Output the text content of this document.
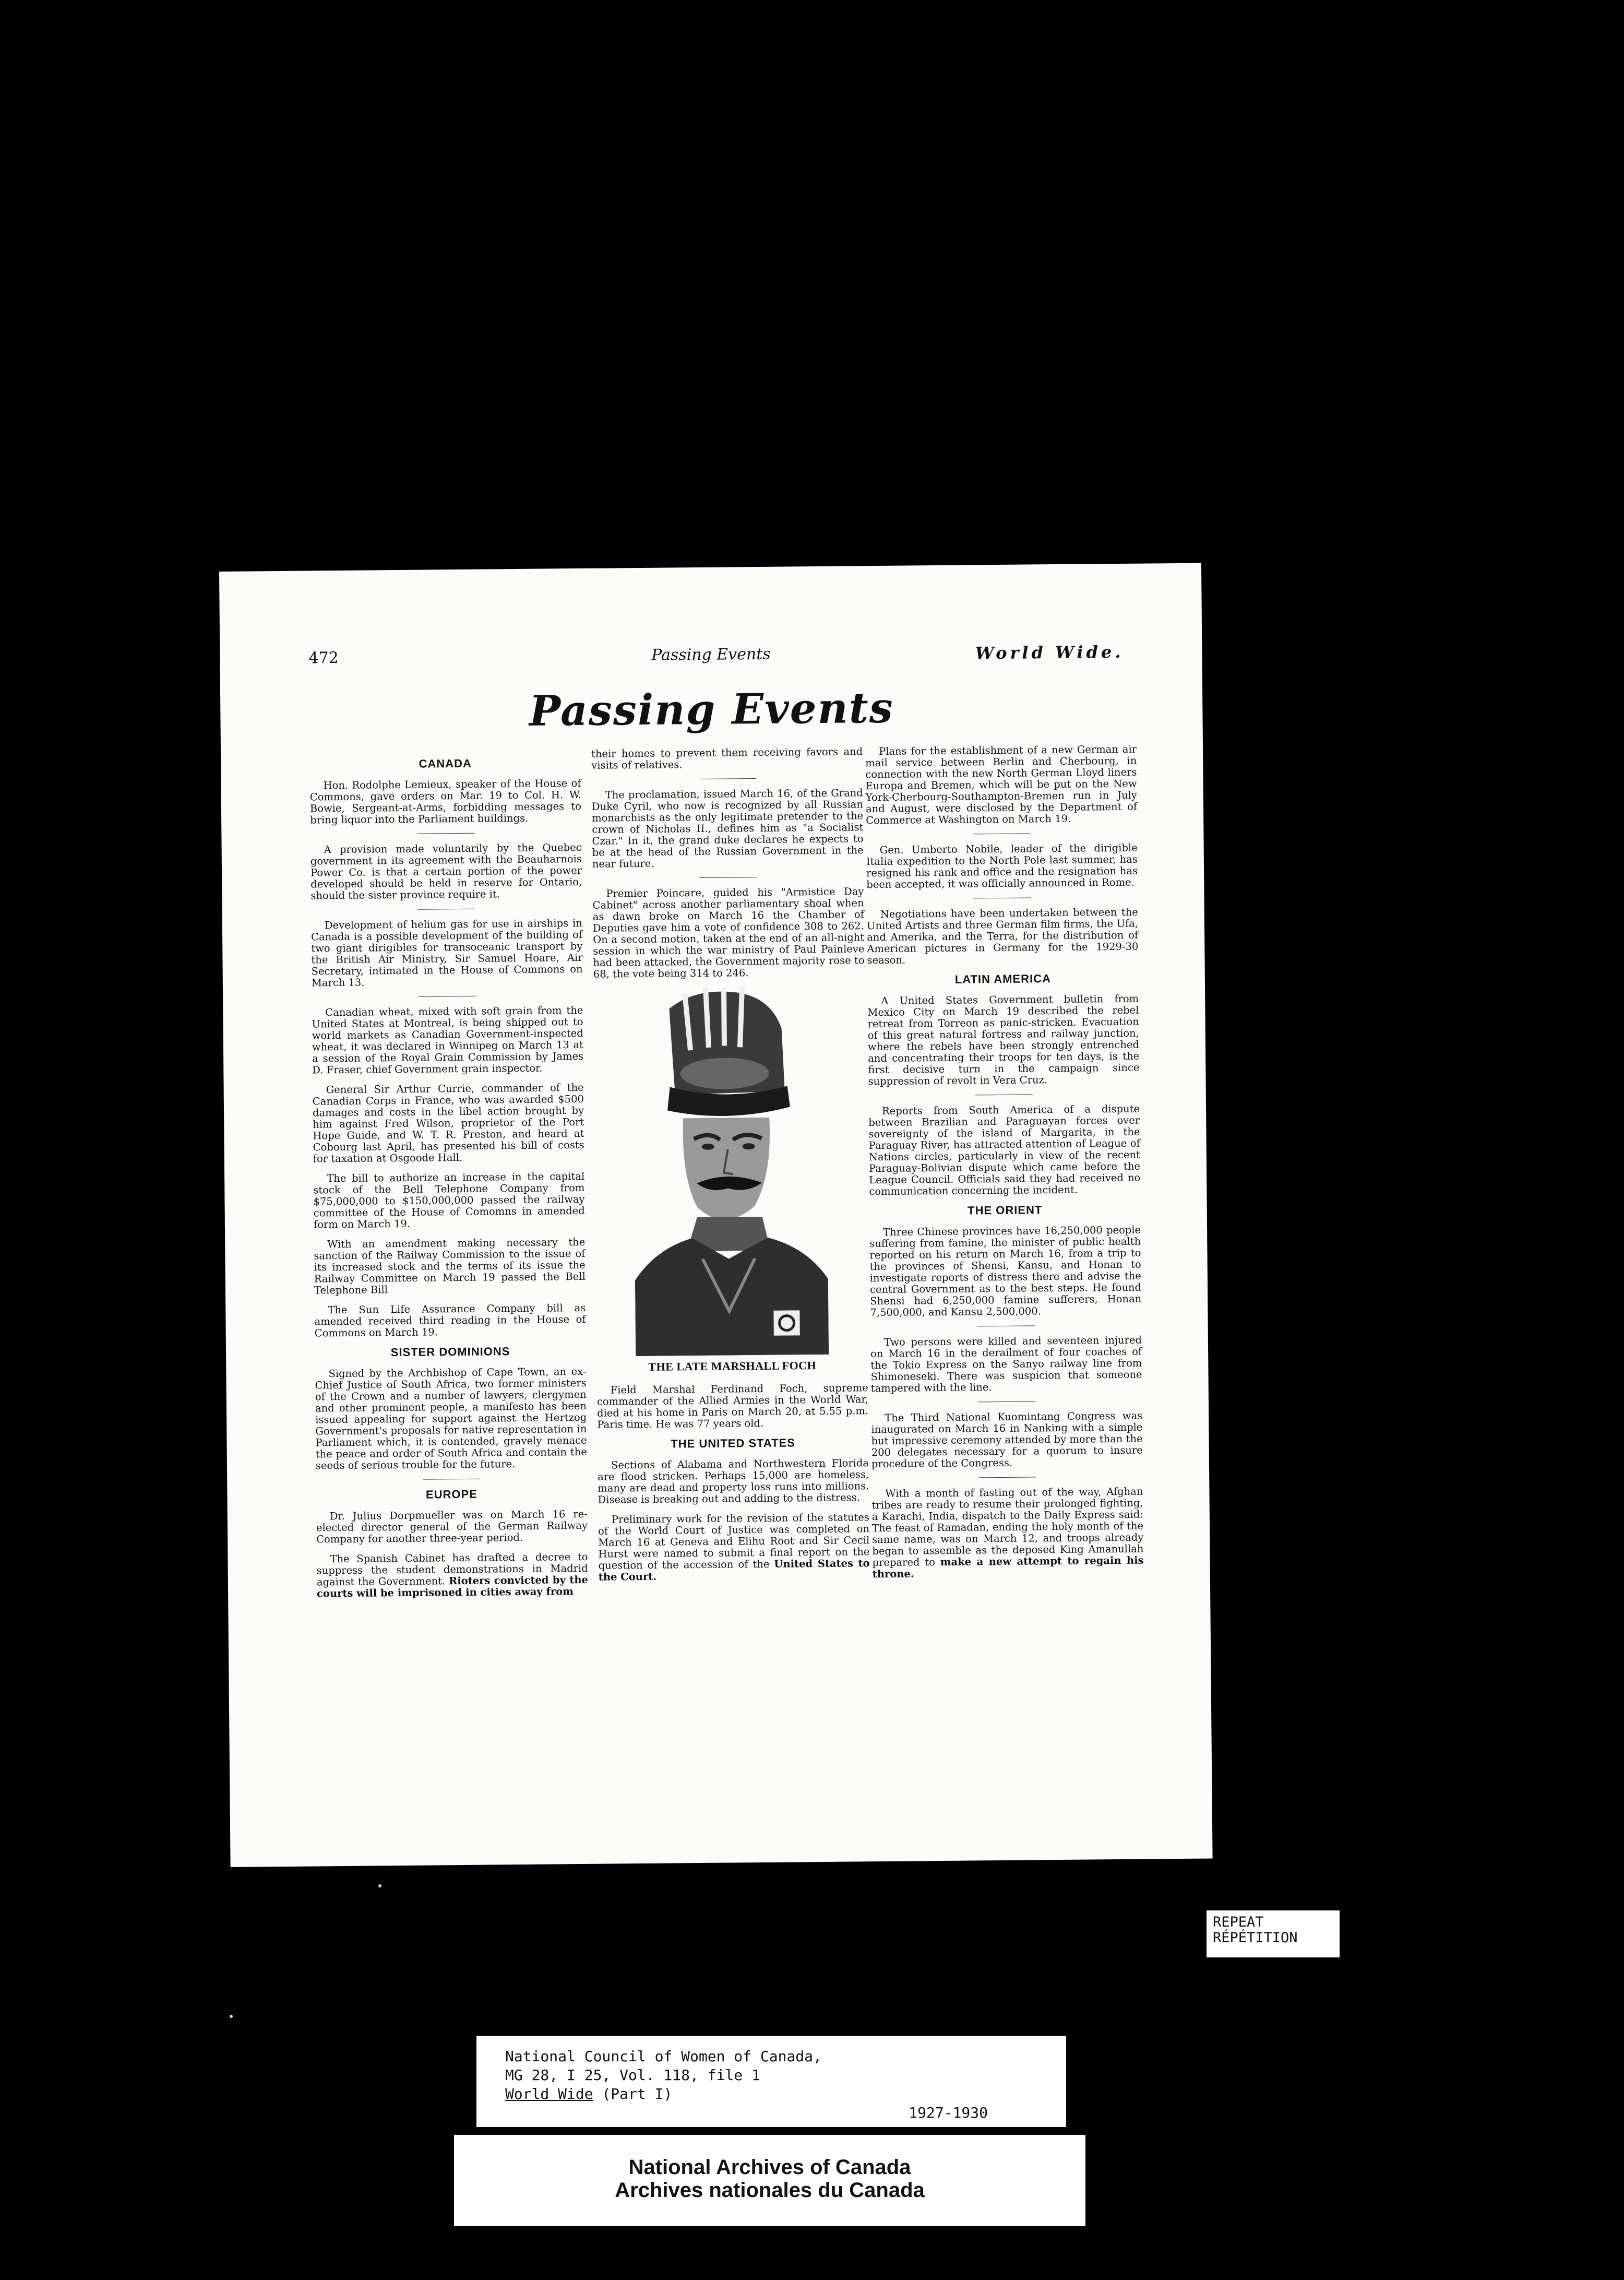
472	Passing Events	World Wide.
Passing Events
CANADA

Hon. Rodolphe Lemieux, speaker of the House of Commons, gave orders on Mar. 19 to Col. H. W. Bowie, Sergeant-at-Arms, forbidding messages to bring liquor into the Parliament buildings.

A provision made voluntarily by the Quebec government in its agreement with the Beauharnois Power Co. is that a certain portion of the power developed should be held in reserve for Ontario, should the sister province require it.

Development of helium gas for use in airships in Canada is a possible development of the building of two giant dirigibles for transoceanic transport by the British Air Ministry, Sir Samuel Hoare, Air Secretary, intimated in the House of Commons on March 13.

Canadian wheat, mixed with soft grain from the United States at Montreal, is being shipped out to world markets as Canadian Government-inspected wheat, it was declared in Winnipeg on March 13 at a session of the Royal Grain Commission by James D. Fraser, chief Government grain inspector.

General Sir Arthur Currie, commander of the Canadian Corps in France, who was awarded $500 damages and costs in the libel action brought by him against Fred Wilson, proprietor of the Port Hope Guide, and W. T. R. Preston, and heard at Cobourg last April, has presented his bill of costs for taxation at Osgoode Hall.

The bill to authorize an increase in the capital stock of the Bell Telephone Company from $75,000,000 to $150,000,000 passed the railway committee of the House of Comomns in amended form on March 19.

With an amendment making necessary the sanction of the Railway Commission to the issue of its increased stock and the terms of its issue the Railway Committee on March 19 passed the Bell Telephone Bill

The Sun Life Assurance Company bill as amended received third reading in the House of Commons on March 19.

SISTER DOMINIONS

Signed by the Archbishop of Cape Town, an ex-Chief Justice of South Africa, two former ministers of the Crown and a number of lawyers, clergymen and other prominent people, a manifesto has been issued appealing for support against the Hertzog Government's proposals for native representation in Parliament which, it is contended, gravely menace the peace and order of South Africa and contain the seeds of serious trouble for the future.

EUROPE

Dr. Julius Dorpmueller was on March 16 re-elected director general of the German Railway Company for another three-year period.

The Spanish Cabinet has drafted a decree to suppress the student demonstrations in Madrid against the Government. Rioters convicted by the courts will be imprisoned in cities away from

their homes to prevent them receiving favors and visits of relatives.

The proclamation, issued March 16, of the Grand Duke Cyril, who now is recognized by all Russian monarchists as the only legitimate pretender to the crown of Nicholas II., defines him as "a Socialist Czar." In it, the grand duke declares he expects to be at the head of the Russian Government in the near future.

Premier Poincare, guided his "Armistice Day Cabinet" across another parliamentary shoal when as dawn broke on March 16 the Chamber of Deputies gave him a vote of confidence 308 to 262. On a second motion, taken at the end of an all-night session in which the war ministry of Paul Painleve had been attacked, the Government majority rose to 68, the vote being 314 to 246.

THE LATE MARSHALL FOCH

Field Marshal Ferdinand Foch, supreme commander of the Allied Armies in the World War, died at his home in Paris on March 20, at 5.55 p.m. Paris time. He was 77 years old.

THE UNITED STATES

Sections of Alabama and Northwestern Florida are flood stricken. Perhaps 15,000 are homeless, many are dead and property loss runs into millions. Disease is breaking out and adding to the distress.

Preliminary work for the revision of the statutes of the World Court of Justice was completed on March 16 at Geneva and Elihu Root and Sir Cecil Hurst were named to submit a final report on the question of the accession of the United States to the Court.

Plans for the establishment of a new German air mail service between Berlin and Cherbourg, in connection with the new North German Lloyd liners Europa and Bremen, which will be put on the New York-Cherbourg-Southampton-Bremen run in July and August, were disclosed by the Department of Commerce at Washington on March 19.

Gen. Umberto Nobile, leader of the dirigible Italia expedition to the North Pole last summer, has resigned his rank and office and the resignation has been accepted, it was officially announced in Rome.

Negotiations have been undertaken between the United Artists and three German film firms, the Ufa, and Amerika, and the Terra, for the distribution of American pictures in Germany for the 1929-30 season.

LATIN AMERICA

A United States Government bulletin from Mexico City on March 19 described the rebel retreat from Torreon as panic-stricken. Evacuation of this great natural fortress and railway junction, where the rebels have been strongly entrenched and concentrating their troops for ten days, is the first decisive turn in the campaign since suppression of revolt in Vera Cruz.

Reports from South America of a dispute between Brazilian and Paraguayan forces over sovereignty of the island of Margarita, in the Paraguay River, has attracted attention of League of Nations circles, particularly in view of the recent Paraguay-Bolivian dispute which came before the League Council. Officials said they had received no communication concerning the incident.

THE ORIENT

Three Chinese provinces have 16,250,000 people suffering from famine, the minister of public health reported on his return on March 16, from a trip to the provinces of Shensi, Kansu, and Honan to investigate reports of distress there and advise the central Government as to the best steps. He found Shensi had 6,250,000 famine sufferers, Honan 7,500,000, and Kansu 2,500,000.

Two persons were killed and seventeen injured on March 16 in the derailment of four coaches of the Tokio Express on the Sanyo railway line from Shimoneseki. There was suspicion that someone tampered with the line.

The Third National Kuomintang Congress was inaugurated on March 16 in Nanking with a simple but impressive ceremony attended by more than the 200 delegates necessary for a quorum to insure procedure of the Congress.

With a month of fasting out of the way, Afghan tribes are ready to resume their prolonged fighting, a Karachi, India, dispatch to the Daily Express said: The feast of Ramadan, ending the holy month of the same name, was on March 12, and troops already began to assemble as the deposed King Amanullah prepared to make a new attempt to regain his throne.

REPEAT
RÉPÉTITION
National Council of Women of Canada,
MG 28, I 25, Vol. 118, file 1
World Wide (Part I)
1927-1930
National Archives of Canada
Archives nationales du Canada
